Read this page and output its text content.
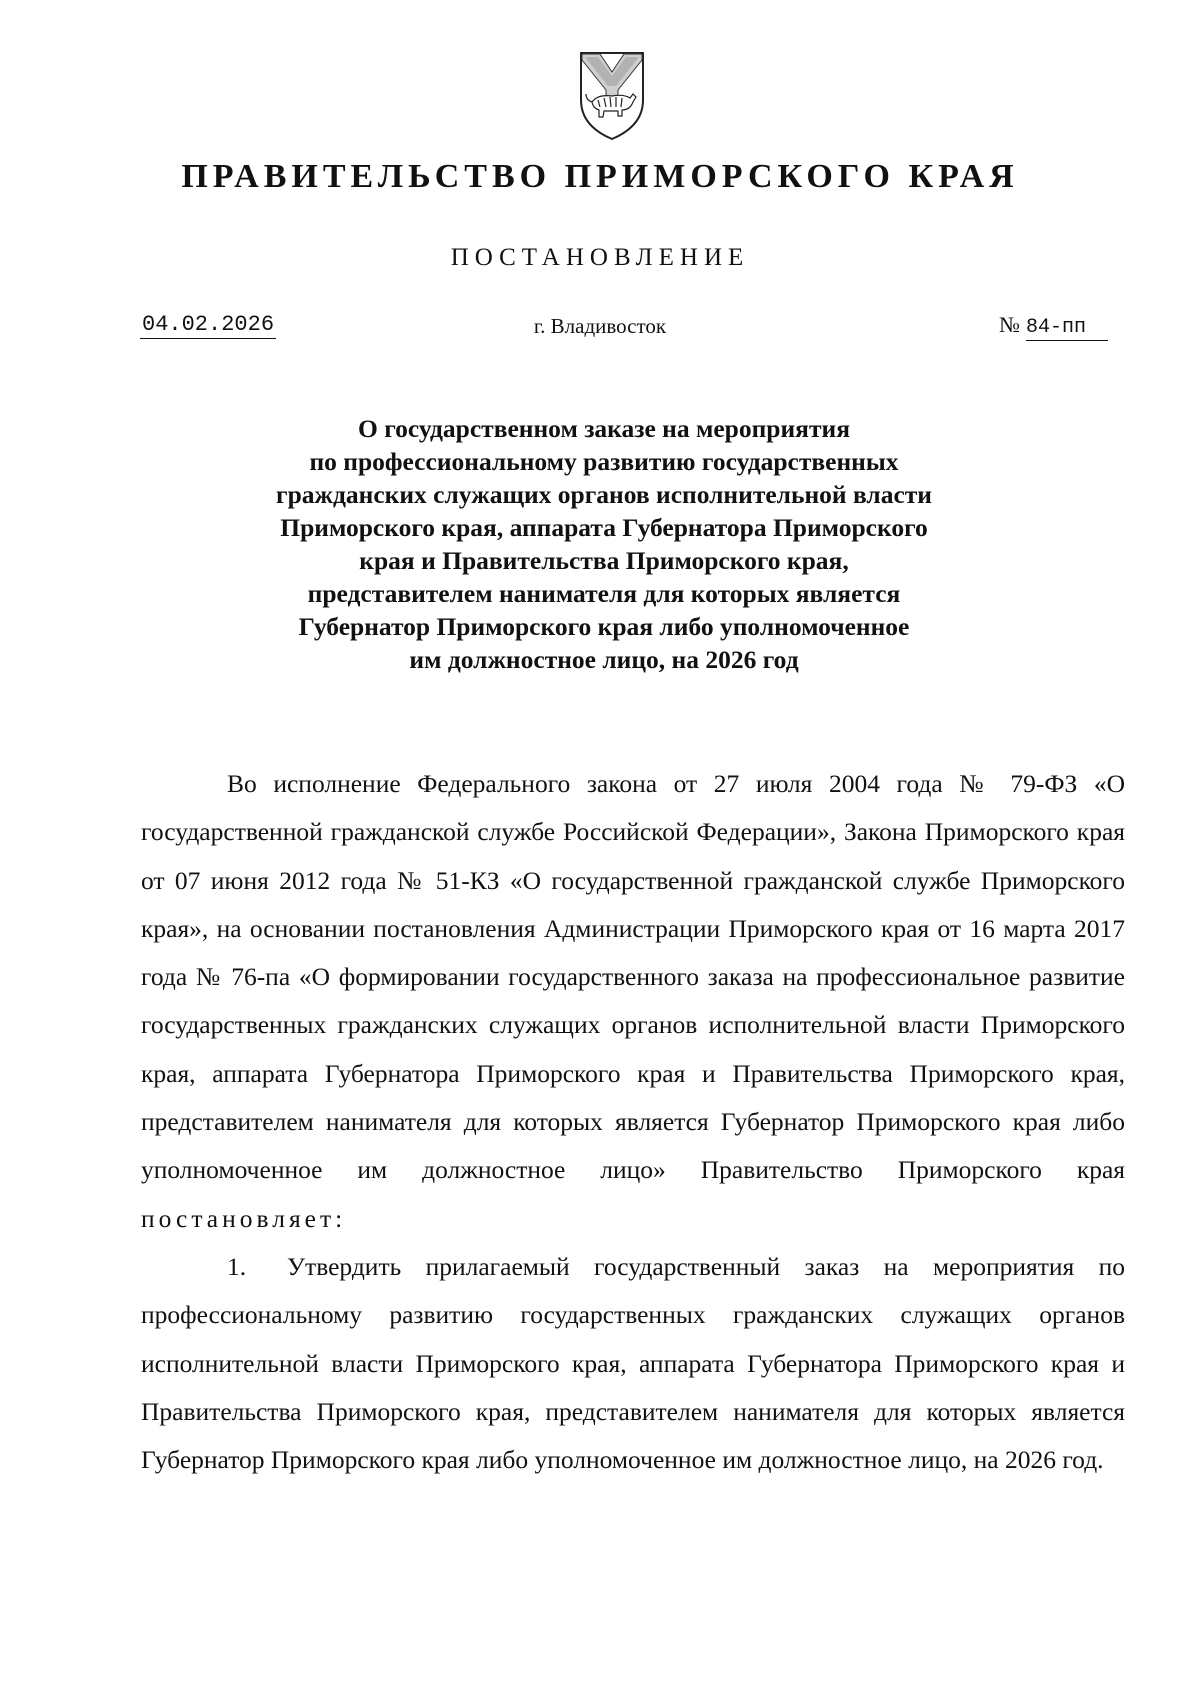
ПРАВИТЕЛЬСТВО ПРИМОРСКОГО КРАЯ
ПОСТАНОВЛЕНИЕ
04.02.2026	г. Владивосток	№ 84-пп
О государственном заказе на мероприятия
по профессиональному развитию государственных
гражданских служащих органов исполнительной власти
Приморского края, аппарата Губернатора Приморского
края и Правительства Приморского края,
представителем нанимателя для которых является
Губернатор Приморского края либо уполномоченное
им должностное лицо, на 2026 год

Во исполнение Федерального закона от 27 июля 2004 года № 79-ФЗ «О государственной гражданской службе Российской Федерации», Закона Приморского края от 07 июня 2012 года № 51-КЗ «О государственной гражданской службе Приморского края», на основании постановления Администрации Приморского края от 16 марта 2017 года № 76-па «О формировании государственного заказа на профессиональное развитие государственных гражданских служащих органов исполнительной власти Приморского края, аппарата Губернатора Приморского края и Правительства Приморского края, представителем нанимателя для которых является Губернатор Приморского края либо уполномоченное им должностное лицо» Правительство Приморского края постановляет:

1. Утвердить прилагаемый государственный заказ на мероприятия по профессиональному развитию государственных гражданских служащих органов исполнительной власти Приморского края, аппарата Губернатора Приморского края и Правительства Приморского края, представителем нанимателя для которых является Губернатор Приморского края либо уполномоченное им должностное лицо, на 2026 год.
